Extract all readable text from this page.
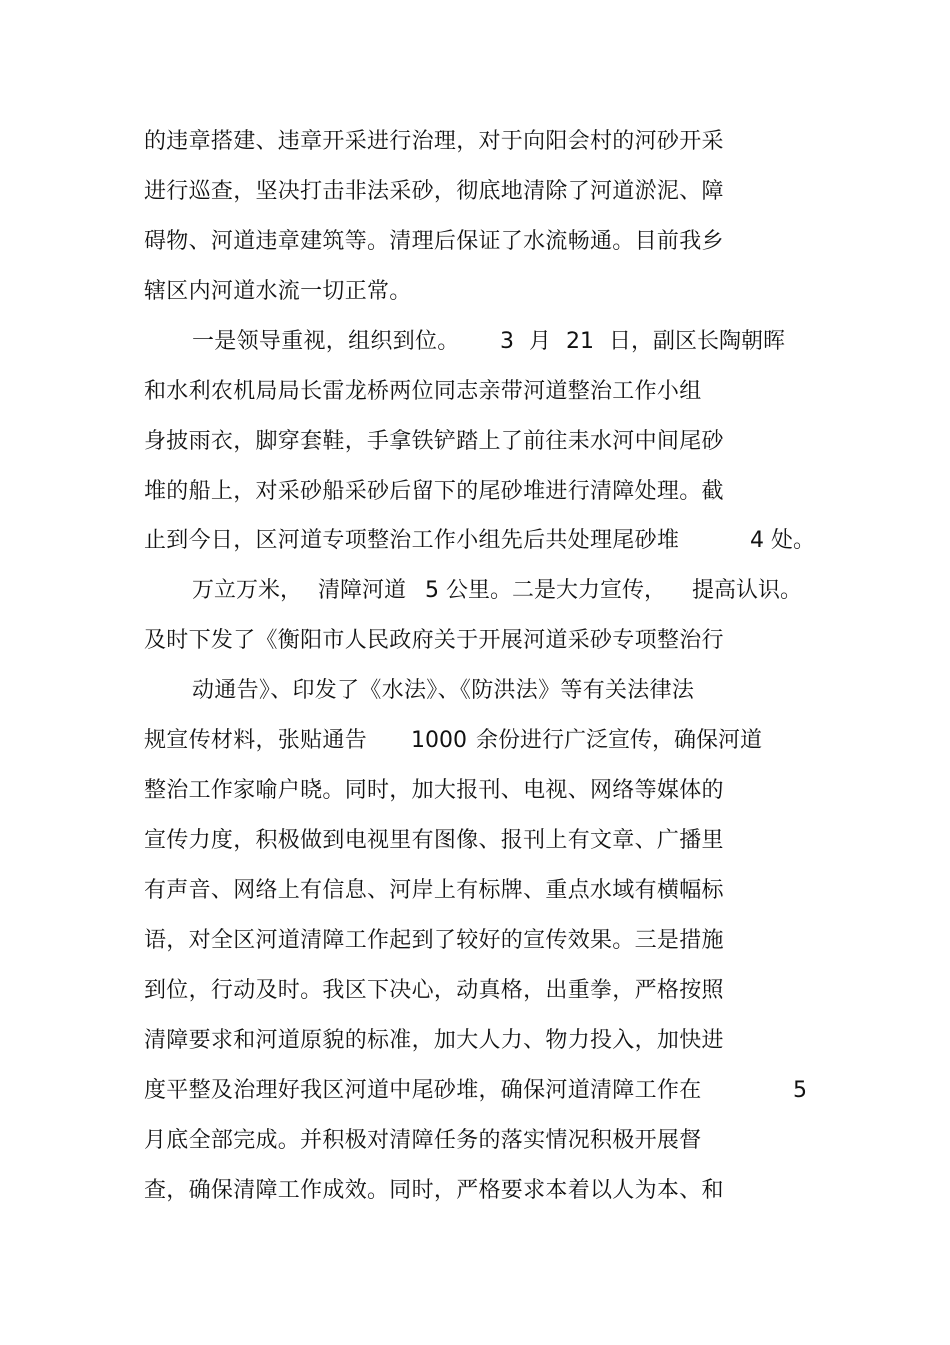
的违章搭建、违章开采进行治理，对于向阳会村的河砂开采
进行巡查，坚决打击非法采砂，彻底地清除了河道淤泥、障
碍物、河道违章建筑等。清理后保证了水流畅通。目前我乡
辖区内河道水流一切正常。
一是领导重视，组织到位。 3 月 21 日，副区长陶朝晖
和水利农机局局长雷龙桥两位同志亲带河道整治工作小组
身披雨衣，脚穿套鞋，手拿铁铲踏上了前往耒水河中间尾砂
堆的船上，对采砂船采砂后留下的尾砂堆进行清障处理。截
止到今日，区河道专项整治工作小组先后共处理尾砂堆	4 处。
万立万米， 清障河道 5 公里。二是大力宣传， 提高认识。
及时下发了《衡阳市人民政府关于开展河道采砂专项整治行
动通告》、印发了《水法》、《防洪法》等有关法律法
规宣传材料，张贴通告 1000 余份进行广泛宣传，确保河道
整治工作家喻户晓。同时，加大报刊、电视、网络等媒体的
宣传力度，积极做到电视里有图像、报刊上有文章、广播里
有声音、网络上有信息、河岸上有标牌、重点水域有横幅标
语，对全区河道清障工作起到了较好的宣传效果。三是措施
到位，行动及时。我区下决心，动真格，出重拳，严格按照
清障要求和河道原貌的标准，加大人力、物力投入，加快进
度平整及治理好我区河道中尾砂堆，确保河道清障工作在	5
月底全部完成。并积极对清障任务的落实情况积极开展督
查，确保清障工作成效。同时，严格要求本着以人为本、和
